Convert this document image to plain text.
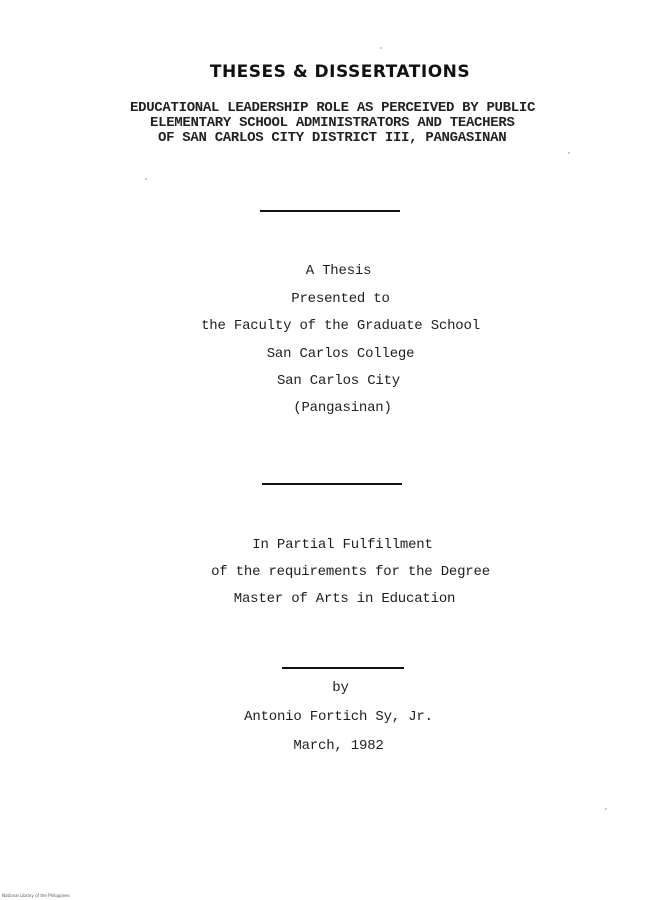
THESES & DISSERTATIONS
EDUCATIONAL LEADERSHIP ROLE AS PERCEIVED BY PUBLIC
ELEMENTARY SCHOOL ADMINISTRATORS AND TEACHERS
OF SAN CARLOS CITY DISTRICT III, PANGASINAN
A Thesis
Presented to
the Faculty of the Graduate School
San Carlos College
San Carlos City
(Pangasinan)
In Partial Fulfillment
of the requirements for the Degree
Master of Arts in Education
by
Antonio Fortich Sy, Jr.
March, 1982
National Library of the Philippines
